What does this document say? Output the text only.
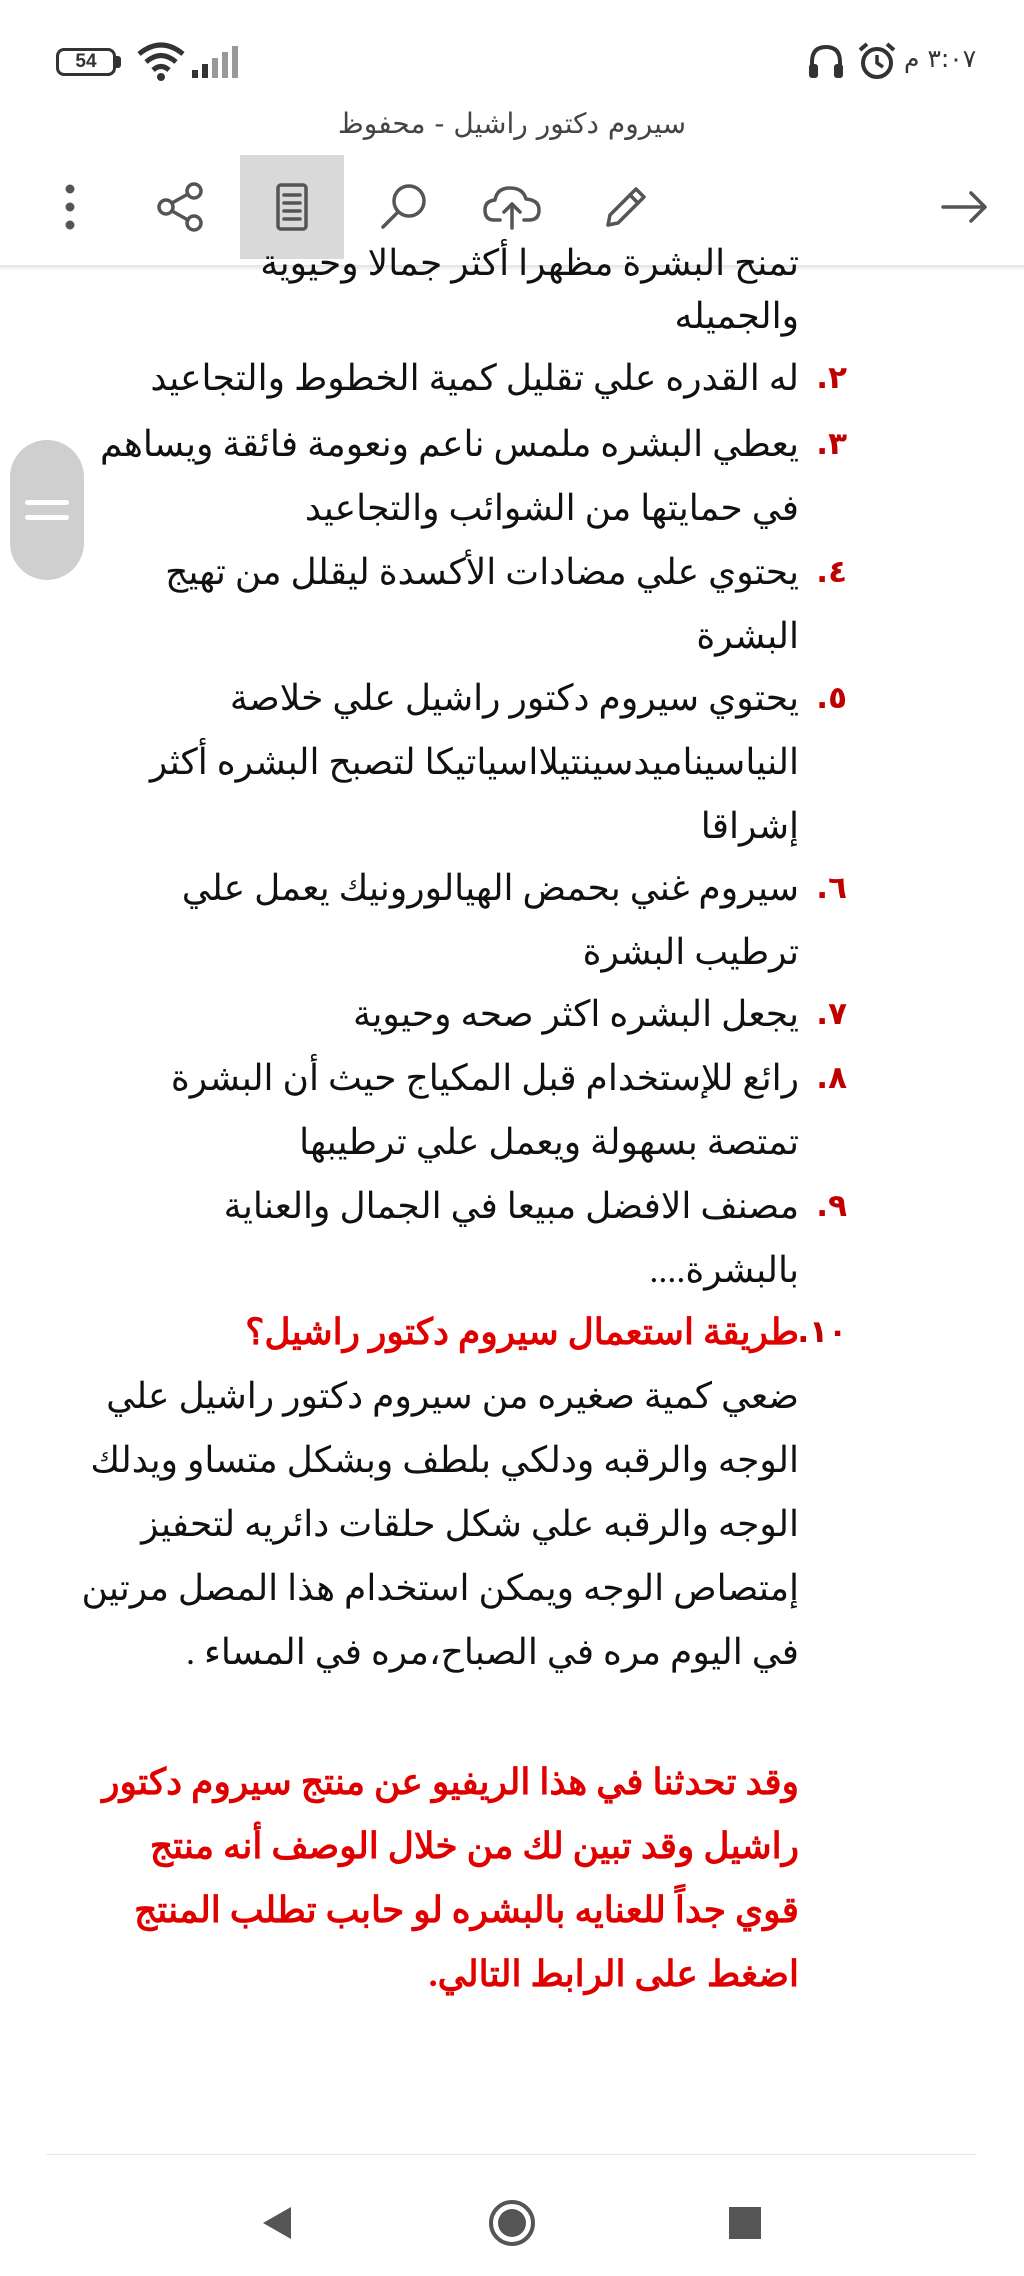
54	٣:٠٧ م
سيروم دكتور راشيل - محفوظ
تمنح البشرة مظهرا أكثر جمالا وحيوية
والجميله
٢.
له القدره علي تقليل كمية الخطوط والتجاعيد
٣.
يعطي البشره ملمس ناعم ونعومة فائقة ويساهم في حمايتها من الشوائب والتجاعيد
٤.
يحتوي علي مضادات الأكسدة ليقلل من تهيج البشرة
٥.
يحتوي سيروم دكتور راشيل علي خلاصة النياسيناميدسينتيلااسياتيكا لتصبح البشره أكثر إشراقا
٦.
سيروم غني بحمض الهيالورونيك يعمل علي ترطيب البشرة
٧.
يجعل البشره اكثر صحه وحيوية
٨.
رائع للإستخدام قبل المكياج حيث أن البشرة تمتصة بسهولة ويعمل علي ترطيبها
٩.
مصنف الافضل مبيعا في الجمال والعناية بالبشرة....
١٠.
طريقة استعمال سيروم دكتور راشيل؟
ضعي كمية صغيره من سيروم دكتور راشيل علي الوجه والرقبه ودلكي بلطف وبشكل متساو ويدلك الوجه والرقبه علي شكل حلقات دائريه لتحفيز إمتصاص الوجه ويمكن استخدام هذا المصل مرتين في اليوم مره في الصباح،مره في المساء .
وقد تحدثنا في هذا الريفيو عن منتج سيروم دكتور راشيل وقد تبين لك من خلال الوصف أنه منتج قوي جداً للعنايه بالبشره لو حابب تطلب المنتج اضغط على الرابط التالي.
